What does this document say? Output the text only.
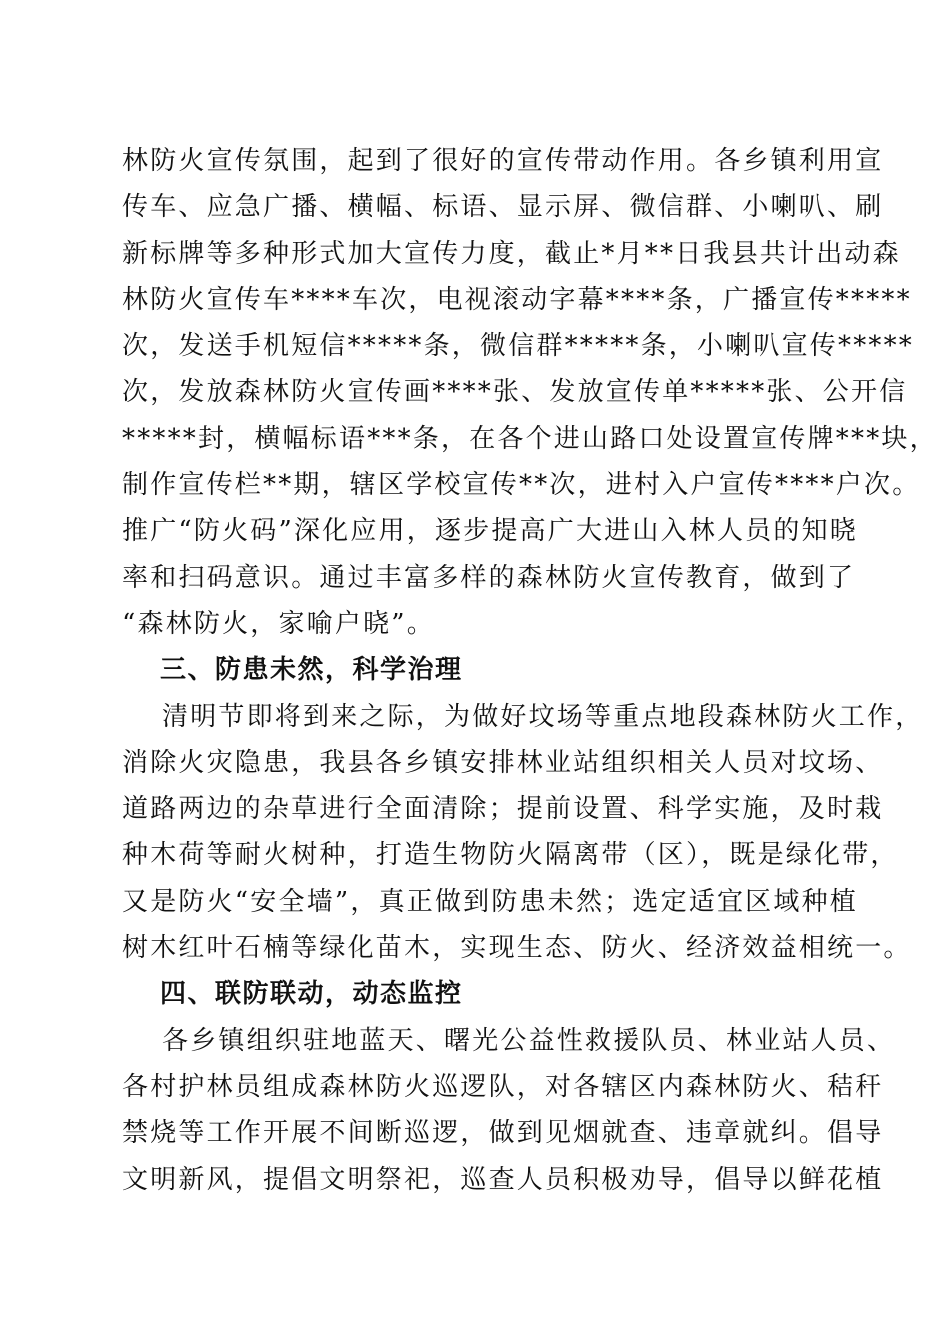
林防火宣传氛围，起到了很好的宣传带动作用。各乡镇利用宣
传车、应急广播、横幅、标语、显示屏、微信群、小喇叭、刷
新标牌等多种形式加大宣传力度，截止*月**日我县共计出动森
林防火宣传车****车次，电视滚动字幕****条，广播宣传*****
次，发送手机短信*****条，微信群*****条，小喇叭宣传*****
次，发放森林防火宣传画****张、发放宣传单*****张、公开信
*****封，横幅标语***条，在各个进山路口处设置宣传牌***块，
制作宣传栏**期，辖区学校宣传**次，进村入户宣传****户次。
推广“防火码”深化应用，逐步提高广大进山入林人员的知晓
率和扫码意识。通过丰富多样的森林防火宣传教育，做到了
“森林防火，家喻户晓”。
三、防患未然，科学治理
清明节即将到来之际，为做好坟场等重点地段森林防火工作，
消除火灾隐患，我县各乡镇安排林业站组织相关人员对坟场、
道路两边的杂草进行全面清除；提前设置、科学实施，及时栽
种木荷等耐火树种，打造生物防火隔离带（区），既是绿化带，
又是防火“安全墙”，真正做到防患未然；选定适宜区域种植
树木红叶石楠等绿化苗木，实现生态、防火、经济效益相统一。
四、联防联动，动态监控
各乡镇组织驻地蓝天、曙光公益性救援队员、林业站人员、
各村护林员组成森林防火巡逻队，对各辖区内森林防火、秸秆
禁烧等工作开展不间断巡逻，做到见烟就查、违章就纠。倡导
文明新风，提倡文明祭祀，巡查人员积极劝导，倡导以鲜花植
